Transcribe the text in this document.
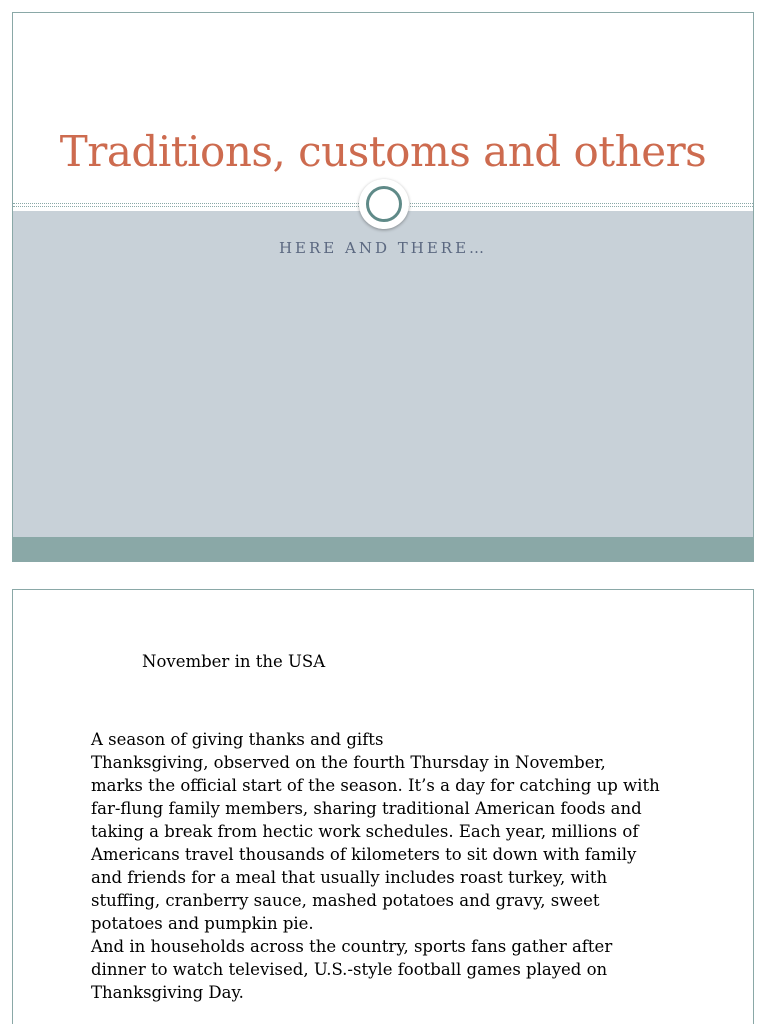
Traditions, customs and others
HERE AND THERE…
November in the USA

A season of giving thanks and gifts

Thanksgiving, observed on the fourth Thursday in November, marks the official start of the season. It’s a day for catching up with far-flung family members, sharing traditional American foods and taking a break from hectic work schedules. Each year, millions of Americans travel thousands of kilometers to sit down with family and friends for a meal that usually includes roast turkey, with stuffing, cranberry sauce, mashed potatoes and gravy, sweet potatoes and pumpkin pie.

And in households across the country, sports fans gather after dinner to watch televised, U.S.-style football games played on Thanksgiving Day.
